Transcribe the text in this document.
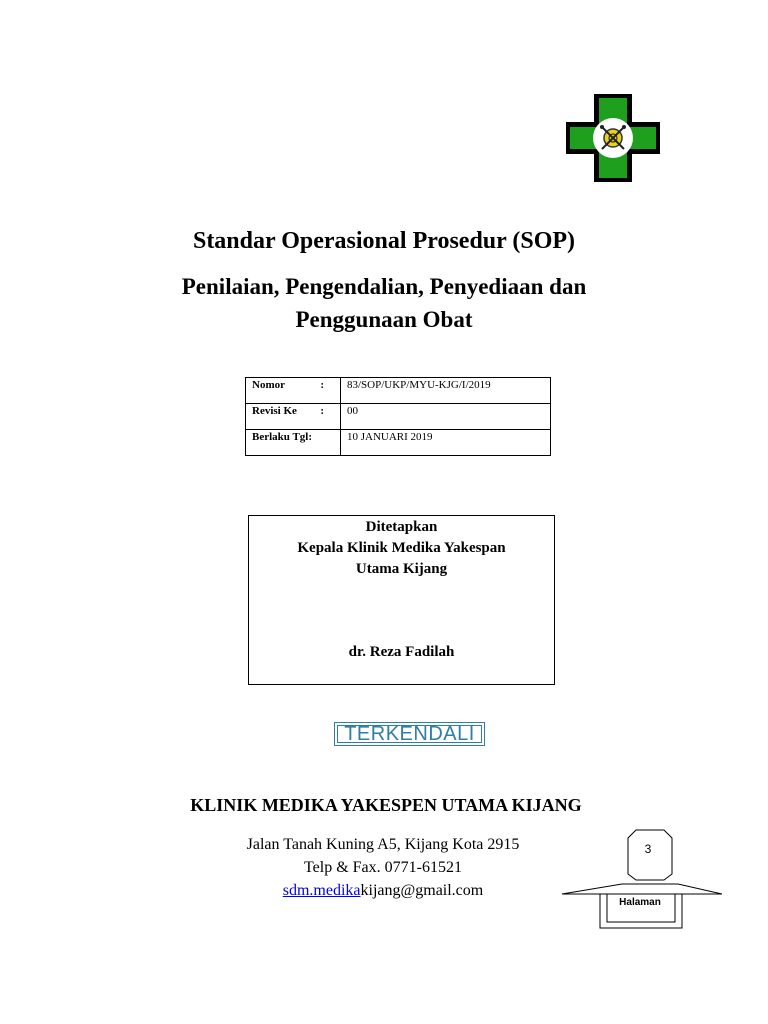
Standar Operasional Prosedur (SOP)
Penilaian, Pengendalian, Penyediaan dan
Penggunaan Obat
Nomor :	83/SOP/UKP/MYU-KJG/I/2019
Revisi Ke :	00
Berlaku Tgl:	10 JANUARI 2019
Ditetapkan
Kepala Klinik Medika Yakespan
Utama Kijang
dr. Reza Fadilah
TERKENDALI
KLINIK MEDIKA YAKESPEN UTAMA KIJANG
Jalan Tanah Kuning A5, Kijang Kota 2915
Telp & Fax. 0771-61521
sdm.medikakijang@gmail.com
3
Halaman
